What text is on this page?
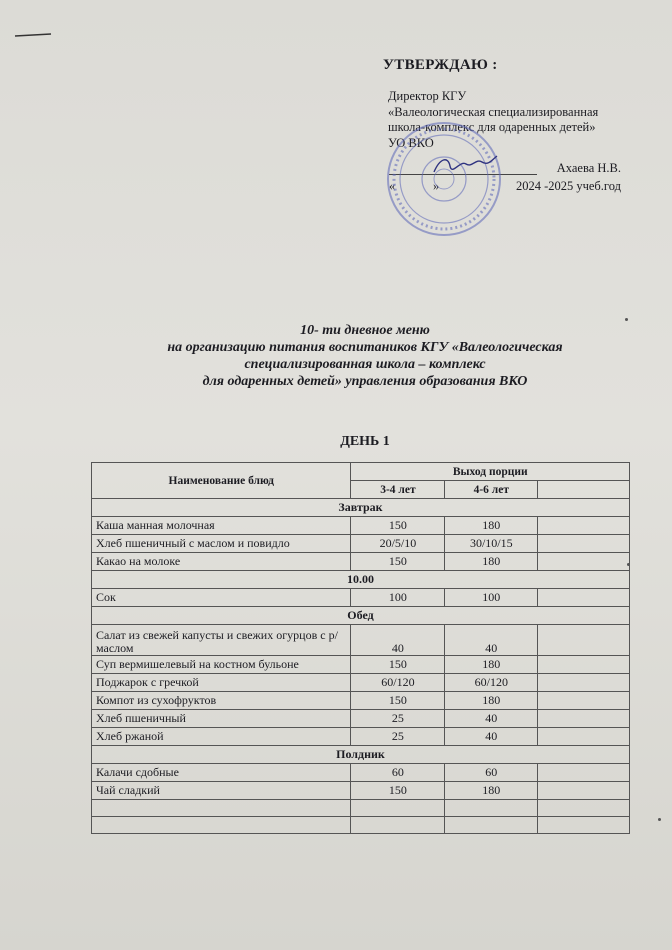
УТВЕРЖДАЮ :
Директор КГУ
«Валеологическая специализированная
школа-комплекс для одаренных детей»
УО ВКО
Ахаева Н.В.
«	»	2024 -2025 учеб.год
10- ти дневное меню
на организацию питания воспитаников КГУ «Валеологическая
специализированная школа – комплекс
для одаренных детей» управления образования ВКО
ДЕНЬ 1
Наименование блюд	Выход порции		
	3-4 лет	4-6 лет	
Завтрак			
Каша манная молочная	150	180	
Хлеб пшеничный с маслом и повидло	20/5/10	30/10/15	
Какао на молоке	150	180	
10.00			
Сок	100	100	
Обед			
Салат из свежей капусты и свежих огурцов с р/маслом	40	40	
Суп вермишелевый на костном бульоне	150	180	
Поджарок с гречкой	60/120	60/120	
Компот из сухофруктов	150	180	
Хлеб пшеничный	25	40	
Хлеб ржаной	25	40	
Полдник			
Калачи сдобные	60	60	
Чай сладкий	150	180	
